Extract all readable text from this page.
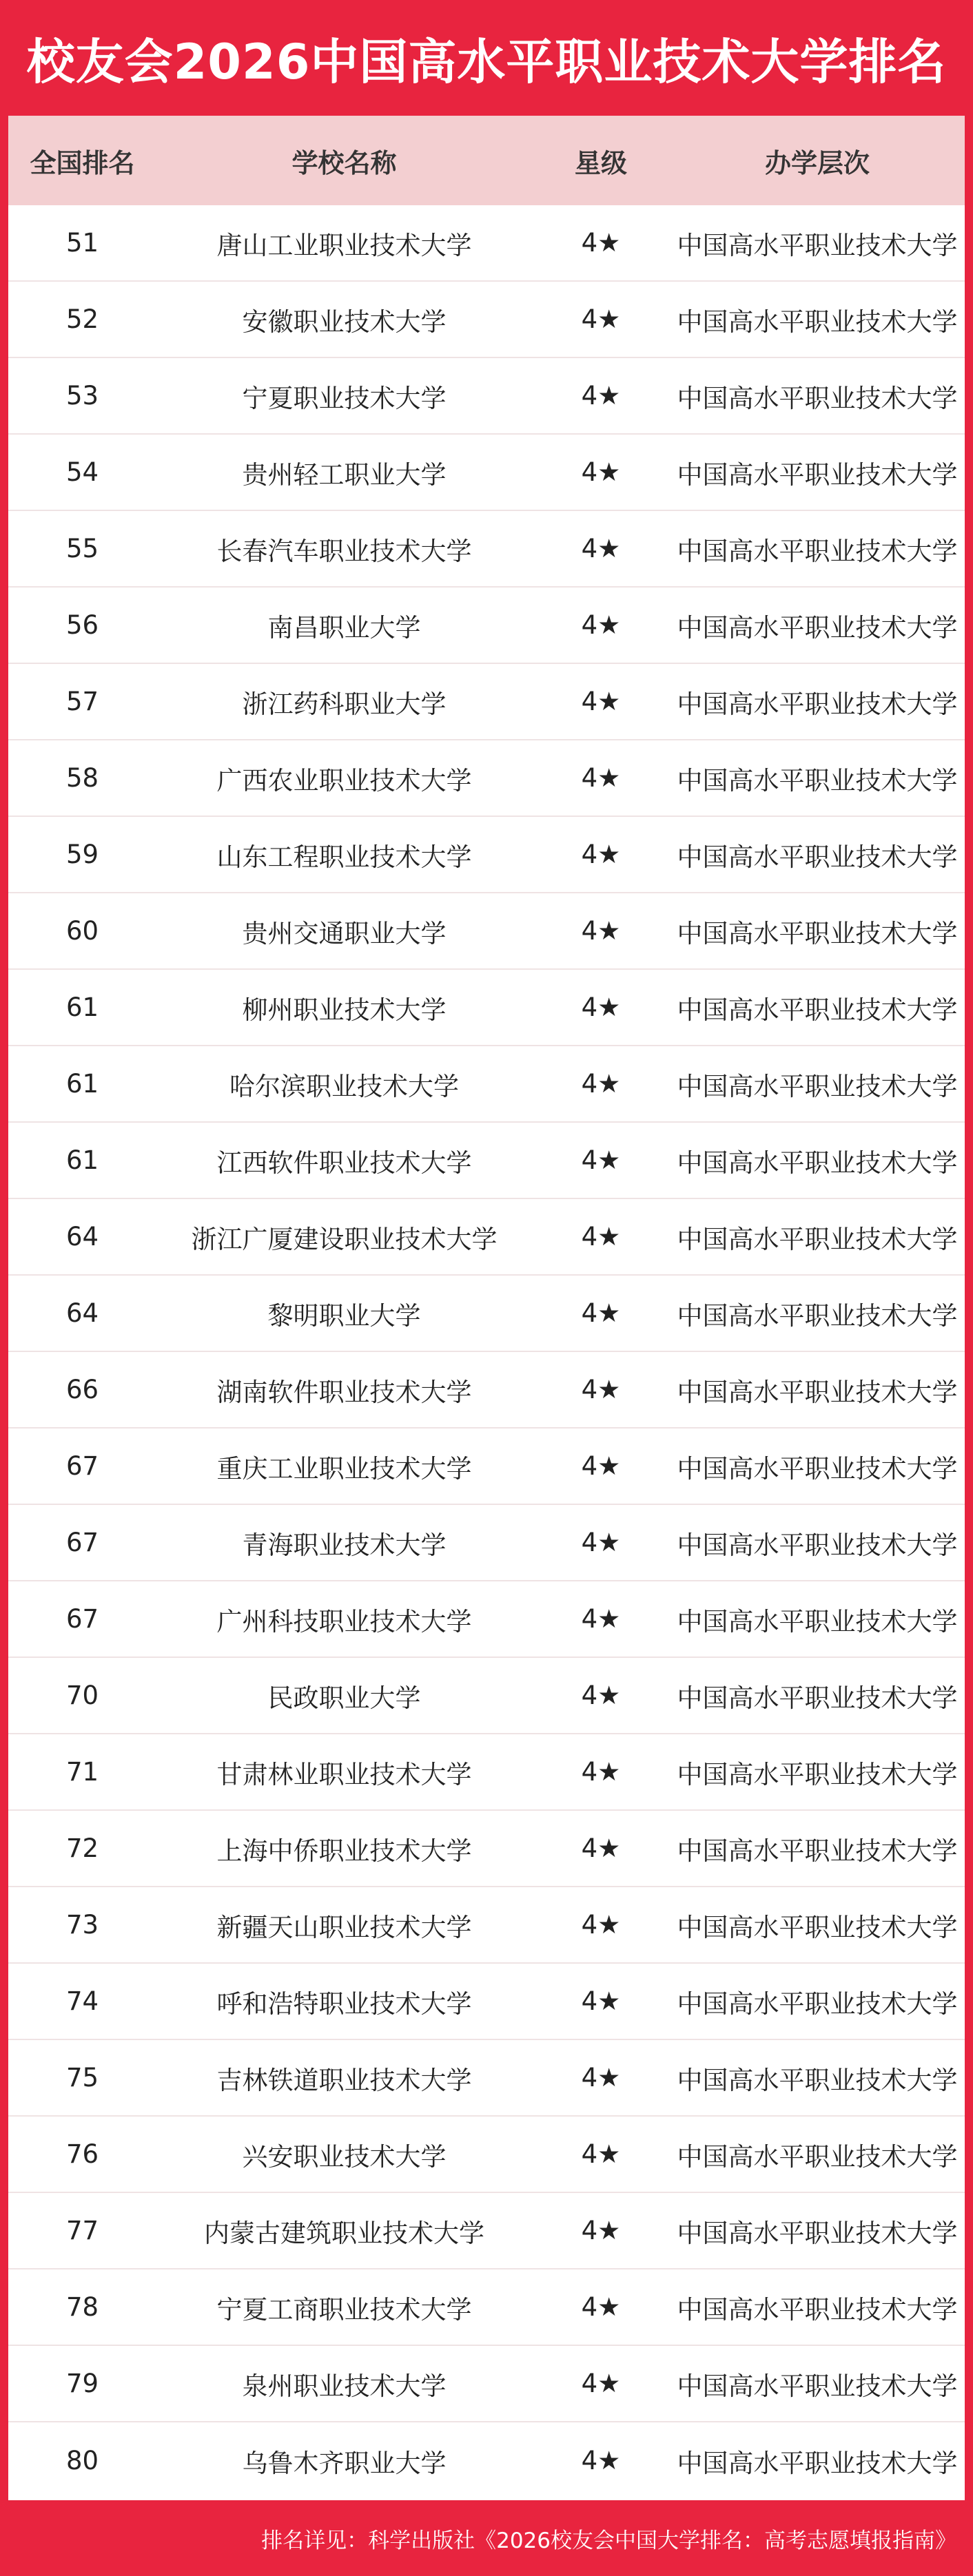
校友会2026中国高水平职业技术大学排名
全国排名	学校名称	星级	办学层次
51	唐山工业职业技术大学	4★	中国高水平职业技术大学
52	安徽职业技术大学	4★	中国高水平职业技术大学
53	宁夏职业技术大学	4★	中国高水平职业技术大学
54	贵州轻工职业大学	4★	中国高水平职业技术大学
55	长春汽车职业技术大学	4★	中国高水平职业技术大学
56	南昌职业大学	4★	中国高水平职业技术大学
57	浙江药科职业大学	4★	中国高水平职业技术大学
58	广西农业职业技术大学	4★	中国高水平职业技术大学
59	山东工程职业技术大学	4★	中国高水平职业技术大学
60	贵州交通职业大学	4★	中国高水平职业技术大学
61	柳州职业技术大学	4★	中国高水平职业技术大学
61	哈尔滨职业技术大学	4★	中国高水平职业技术大学
61	江西软件职业技术大学	4★	中国高水平职业技术大学
64	浙江广厦建设职业技术大学	4★	中国高水平职业技术大学
64	黎明职业大学	4★	中国高水平职业技术大学
66	湖南软件职业技术大学	4★	中国高水平职业技术大学
67	重庆工业职业技术大学	4★	中国高水平职业技术大学
67	青海职业技术大学	4★	中国高水平职业技术大学
67	广州科技职业技术大学	4★	中国高水平职业技术大学
70	民政职业大学	4★	中国高水平职业技术大学
71	甘肃林业职业技术大学	4★	中国高水平职业技术大学
72	上海中侨职业技术大学	4★	中国高水平职业技术大学
73	新疆天山职业技术大学	4★	中国高水平职业技术大学
74	呼和浩特职业技术大学	4★	中国高水平职业技术大学
75	吉林铁道职业技术大学	4★	中国高水平职业技术大学
76	兴安职业技术大学	4★	中国高水平职业技术大学
77	内蒙古建筑职业技术大学	4★	中国高水平职业技术大学
78	宁夏工商职业技术大学	4★	中国高水平职业技术大学
79	泉州职业技术大学	4★	中国高水平职业技术大学
80	乌鲁木齐职业大学	4★	中国高水平职业技术大学
排名详见：科学出版社《2026校友会中国大学排名：高考志愿填报指南》
